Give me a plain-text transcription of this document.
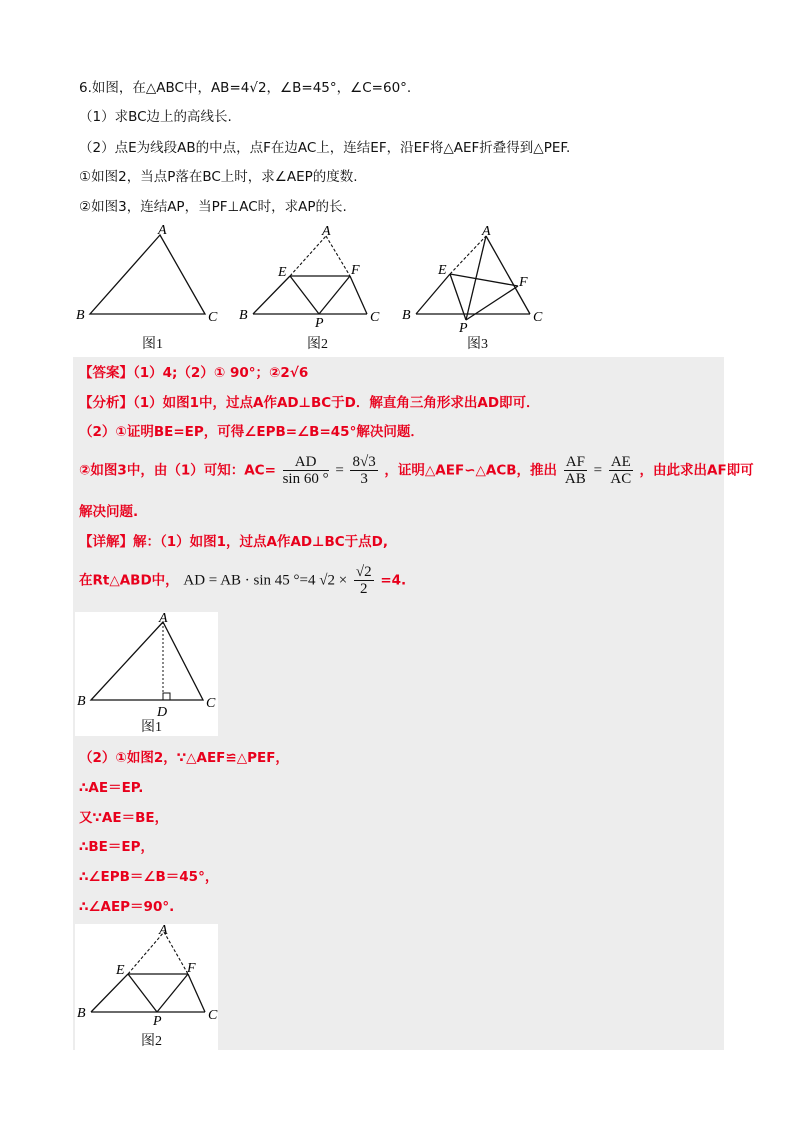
6.如图，在△ABC中，AB=4√2，∠B=45°，∠C=60°.
（1）求BC边上的高线长.
（2）点E为线段AB的中点，点F在边AC上，连结EF，沿EF将△AEF折叠得到△PEF.
①如图2，当点P落在BC上时，求∠AEP的度数.
②如图3，连结AP，当PF⊥AC时，求AP的长.
A
B	C
图1
A
E	F
B	C
P
图2
A
E
F
B	C
P
图3
【答案】（1）4;（2）① 90°；②2√6
【分析】（1）如图1中，过点A作AD⊥BC于D．解直角三角形求出AD即可．
（2）①证明BE=EP，可得∠EPB=∠B=45°解决问题．
②如图3中，由（1）可知：$AC= \frac{AD}{\sin 60 ^\circ} = \frac{8√3}{3}$ ，证明△AEF∽△ACB，推出 $\frac{AF}{AB} = \frac{AE}{AC}$ ，由此求出AF即可
解决问题.
【详解】解：（1）如图1，过点A作AD⊥BC于点D,
在Rt△ABD中， AD = AB · sin 45 °=4 $√2 \times \frac{√2}{2} =4$.
A
B	C
D
图1
（2）①如图2，∵△AEF≌△PEF，
∴AE＝EP.
又∵AE＝BE，
∴BE＝EP，
∴∠EPB＝∠B＝45°，
∴∠AEP＝90°.
A
E	F
B	C
P
图2
